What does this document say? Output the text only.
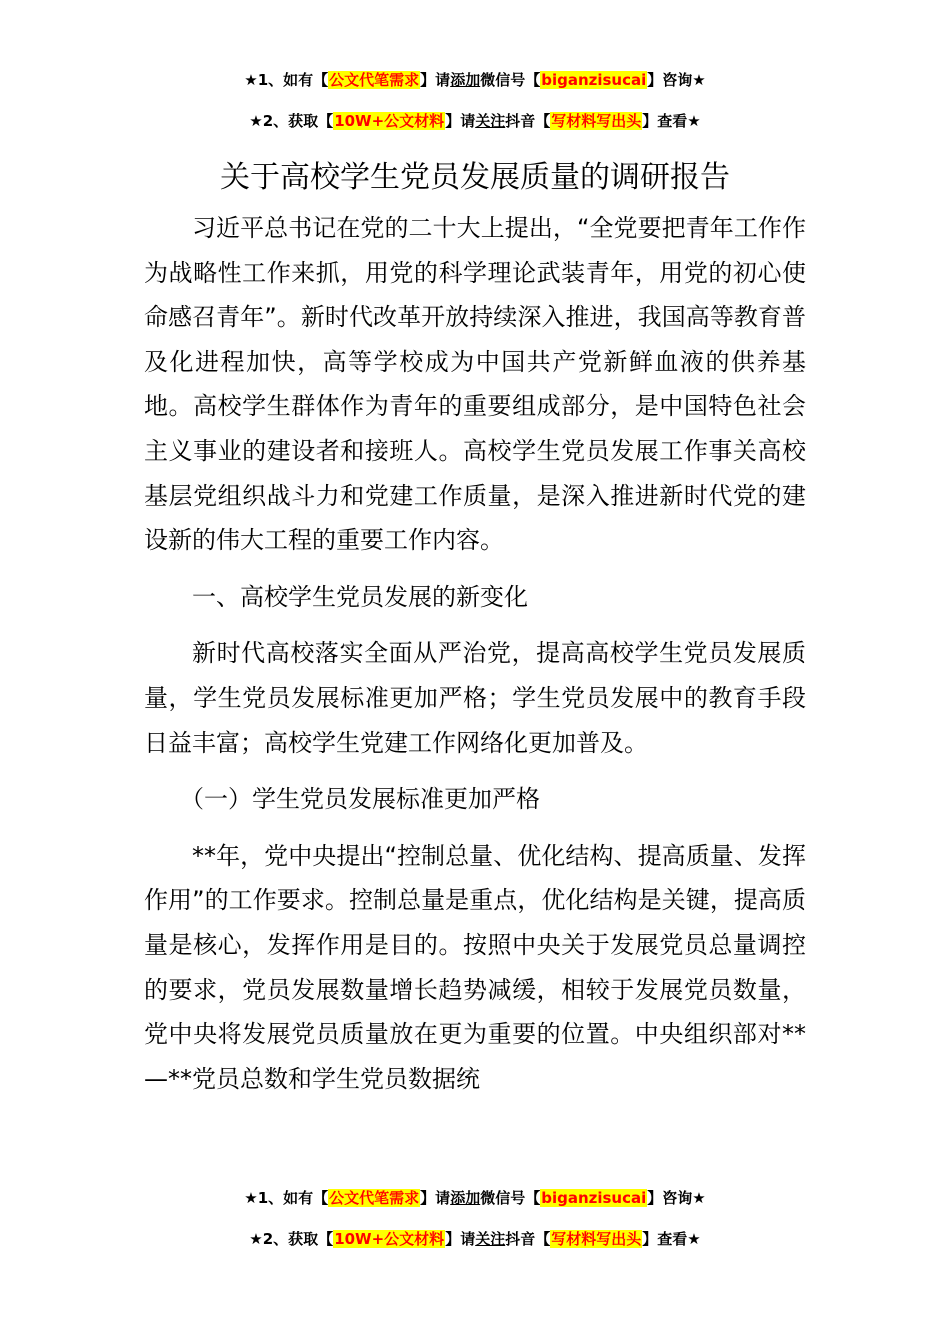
★1、如有【公文代笔需求】请添加微信号【biganzisucai】咨询★
★2、获取【10W+公文材料】请关注抖音【写材料写出头】查看★
关于高校学生党员发展质量的调研报告

习近平总书记在党的二十大上提出，“全党要把青年工作作为战略性工作来抓，用党的科学理论武装青年，用党的初心使命感召青年”。新时代改革开放持续深入推进，我国高等教育普及化进程加快，高等学校成为中国共产党新鲜血液的供养基地。高校学生群体作为青年的重要组成部分，是中国特色社会主义事业的建设者和接班人。高校学生党员发展工作事关高校基层党组织战斗力和党建工作质量，是深入推进新时代党的建设新的伟大工程的重要工作内容。

一、高校学生党员发展的新变化

新时代高校落实全面从严治党，提高高校学生党员发展质量，学生党员发展标准更加严格；学生党员发展中的教育手段日益丰富；高校学生党建工作网络化更加普及。

（一）学生党员发展标准更加严格

**年，党中央提出“控制总量、优化结构、提高质量、发挥作用”的工作要求。控制总量是重点，优化结构是关键，提高质量是核心，发挥作用是目的。按照中央关于发展党员总量调控的要求，党员发展数量增长趋势减缓，相较于发展党员数量，党中央将发展党员质量放在更为重要的位置。中央组织部对**—**党员总数和学生党员数据统

★1、如有【公文代笔需求】请添加微信号【biganzisucai】咨询★
★2、获取【10W+公文材料】请关注抖音【写材料写出头】查看★
